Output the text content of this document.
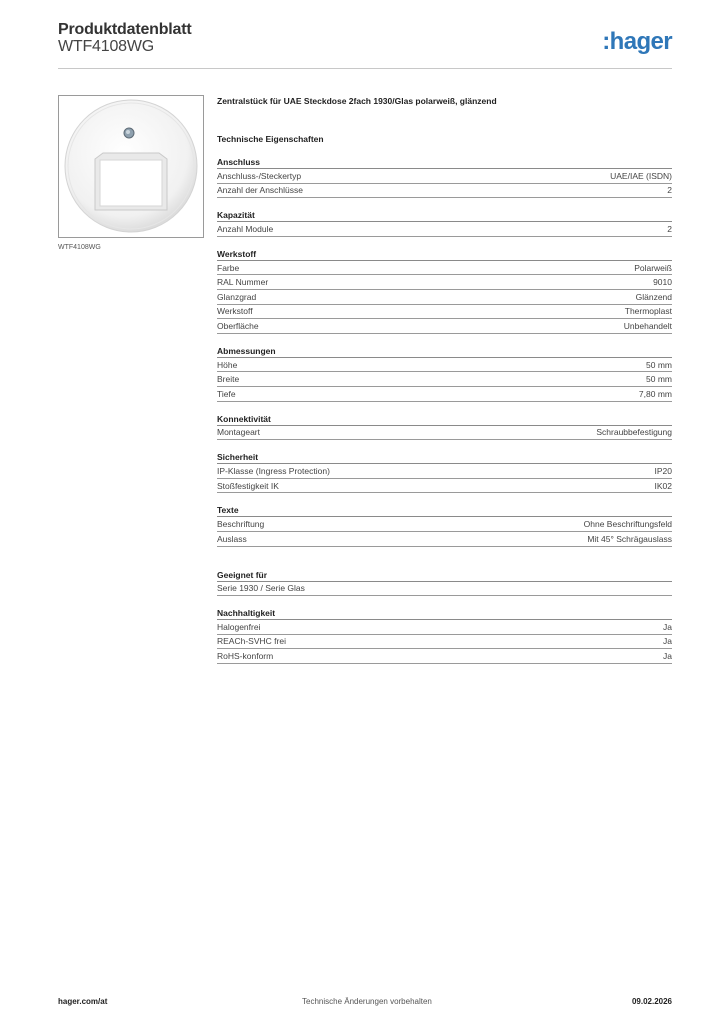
Produktdatenblatt
WTF4108WG	:hager
WTF4108WG
Zentralstück für UAE Steckdose 2fach 1930/Glas polarweiß, glänzend
Technische Eigenschaften
Anschluss
Anschluss-/Steckertyp	UAE/IAE (ISDN)
Anzahl der Anschlüsse	2
Kapazität
Anzahl Module	2
Werkstoff
Farbe	Polarweiß
RAL Nummer	9010
Glanzgrad	Glänzend
Werkstoff	Thermoplast
Oberfläche	Unbehandelt
Abmessungen
Höhe	50 mm
Breite	50 mm
Tiefe	7,80 mm
Konnektivität
Montageart	Schraubbefestigung
Sicherheit
IP-Klasse (Ingress Protection)	IP20
Stoßfestigkeit IK	IK02
Texte
Beschriftung	Ohne Beschriftungsfeld
Auslass	Mit 45° Schrägauslass
Geeignet für
Serie 1930 / Serie Glas
Nachhaltigkeit
Halogenfrei	Ja
REACh-SVHC frei	Ja
RoHS-konform	Ja
hager.com/at	Technische Änderungen vorbehalten	09.02.2026
